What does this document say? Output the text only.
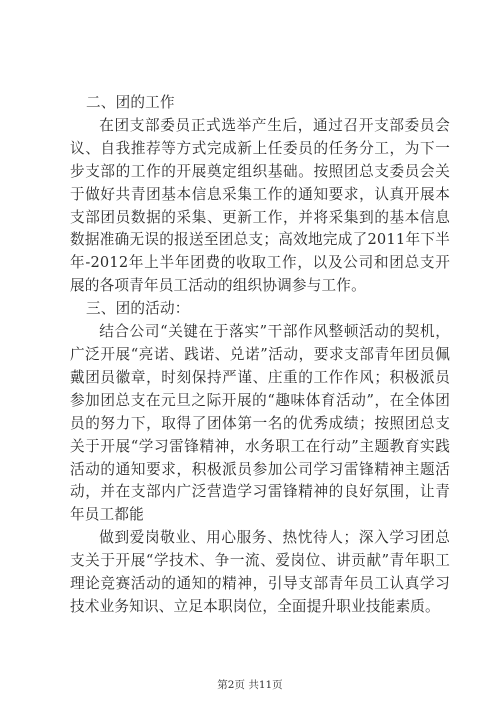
二、团的工作

在团支部委员正式选举产生后，通过召开支部委员会议、自我推荐等方式完成新上任委员的任务分工，为下一步支部的工作的开展奠定组织基础。按照团总支委员会关于做好共青团基本信息采集工作的通知要求，认真开展本支部团员数据的采集、更新工作，并将采集到的基本信息数据准确无误的报送至团总支；高效地完成了2011年下半年-2012年上半年团费的收取工作，以及公司和团总支开展的各项青年员工活动的组织协调参与工作。

三、团的活动：

结合公司“关键在于落实”干部作风整顿活动的契机，广泛开展“亮诺、践诺、兑诺”活动，要求支部青年团员佩戴团员徽章，时刻保持严谨、庄重的工作作风；积极派员参加团总支在元旦之际开展的“趣味体育活动”，在全体团员的努力下，取得了团体第一名的优秀成绩；按照团总支关于开展“学习雷锋精神，水务职工在行动”主题教育实践活动的通知要求，积极派员参加公司学习雷锋精神主题活动，并在支部内广泛营造学习雷锋精神的良好氛围，让青年员工都能

做到爱岗敬业、用心服务、热忱待人；深入学习团总支关于开展“学技术、争一流、爱岗位、讲贡献”青年职工理论竞赛活动的通知的精神，引导支部青年员工认真学习技术业务知识、立足本职岗位，全面提升职业技能素质。

第2页 共11页
